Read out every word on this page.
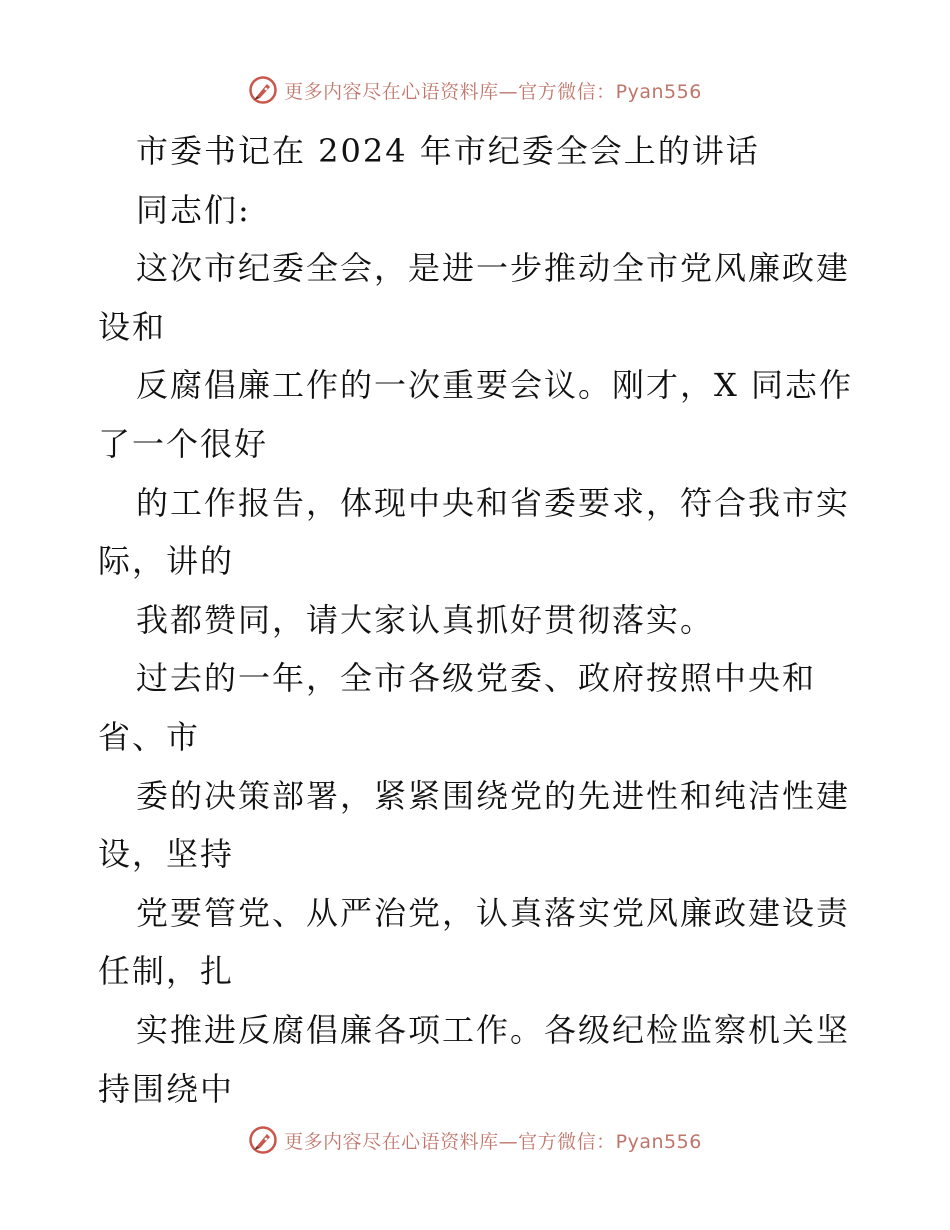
更多内容尽在心语资料库—官方微信：Pyan556
市委书记在 2024 年市纪委全会上的讲话
同志们:
这次市纪委全会，是进一步推动全市党风廉政建
设和
反腐倡廉工作的一次重要会议。刚才，X 同志作
了一个很好
的工作报告，体现中央和省委要求，符合我市实
际，讲的
我都赞同，请大家认真抓好贯彻落实。
过去的一年，全市各级党委、政府按照中央和
省、市
委的决策部署，紧紧围绕党的先进性和纯洁性建
设，坚持
党要管党、从严治党，认真落实党风廉政建设责
任制，扎
实推进反腐倡廉各项工作。各级纪检监察机关坚
持围绕中
更多内容尽在心语资料库—官方微信：Pyan556
